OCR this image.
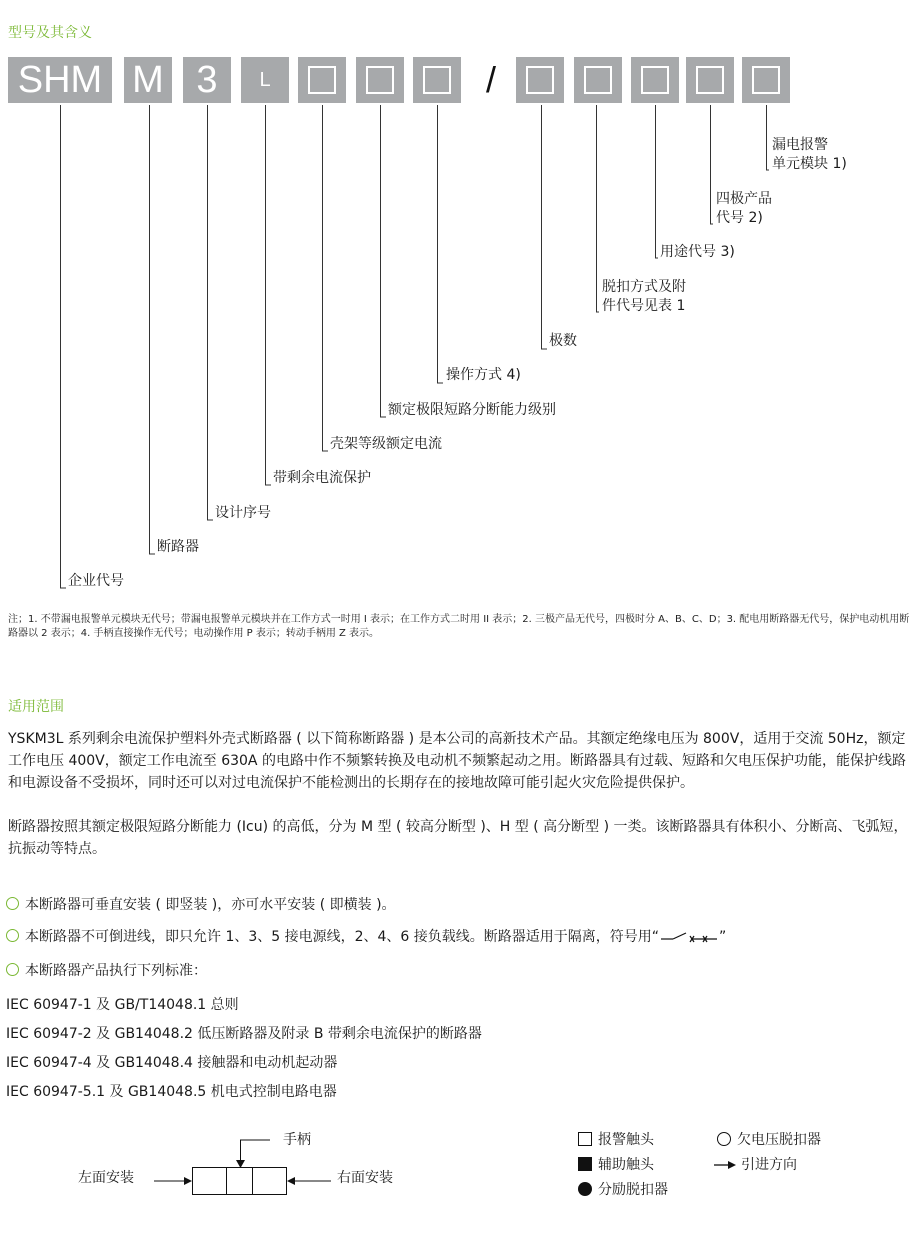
型号及其含义
SHM M 3	L	/
漏电报警
单元模块 1)
四极产品
代号 2)
用途代号 3)
脱扣方式及附
件代号见表 1
极数
操作方式 4)
额定极限短路分断能力级别
壳架等级额定电流
带剩余电流保护
设计序号
断路器
企业代号
注；1. 不带漏电报警单元模块无代号；带漏电报警单元模块并在工作方式一时用 I 表示；在工作方式二时用 II 表示；2. 三极产品无代号，四极时分 A、B、C、D；3. 配电用断路器无代号，保护电动机用断路器以 2 表示；4. 手柄直接操作无代号；电动操作用 P 表示；转动手柄用 Z 表示。
适用范围
YSKM3L 系列剩余电流保护塑料外壳式断路器 ( 以下简称断路器 ) 是本公司的高新技术产品。其额定绝缘电压为 800V，适用于交流 50Hz，额定工作电压 400V，额定工作电流至 630A 的电路中作不频繁转换及电动机不频繁起动之用。断路器具有过载、短路和欠电压保护功能，能保护线路和电源设备不受损坏，同时还可以对过电流保护不能检测出的长期存在的接地故障可能引起火灾危险提供保护。
断路器按照其额定极限短路分断能力 (Icu) 的高低，分为 M 型 ( 较高分断型 )、H 型 ( 高分断型 ) 一类。该断路器具有体积小、分断高、飞弧短，抗振动等特点。
本断路器可垂直安装 ( 即竖装 )，亦可水平安装 ( 即横装 )。
本断路器不可倒进线，即只允许 1、3、5 接电源线，2、4、6 接负载线。断路器适用于隔离，符号用“	”
本断路器产品执行下列标准：
IEC 60947-1 及 GB/T14048.1 总则
IEC 60947-2 及 GB14048.2 低压断路器及附录 B 带剩余电流保护的断路器
IEC 60947-4 及 GB14048.4 接触器和电动机起动器
IEC 60947-5.1 及 GB14048.5 机电式控制电路电器
手柄
左面安装	右面安装
报警触头
辅助触头
分励脱扣器
欠电压脱扣器
引进方向
